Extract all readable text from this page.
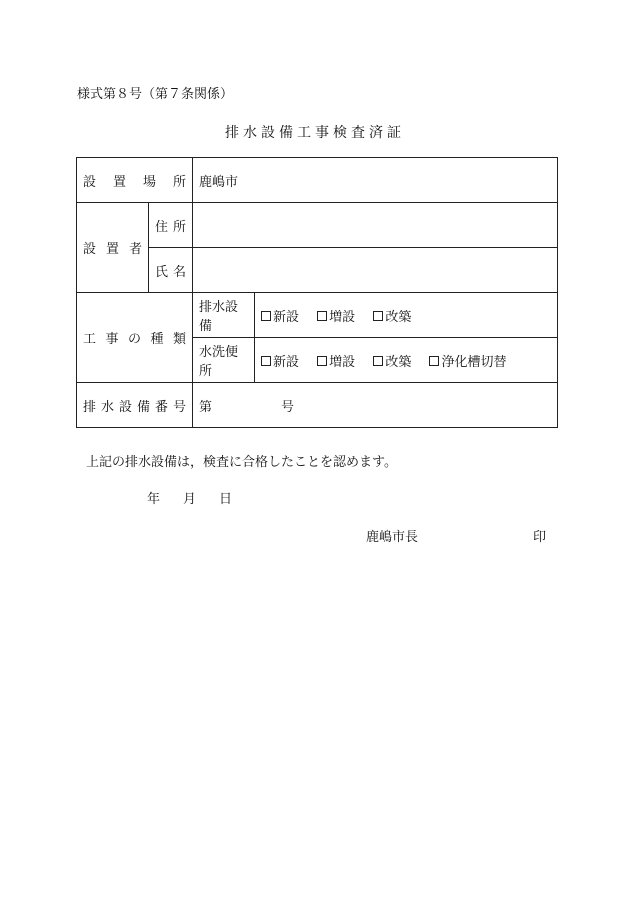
様式第８号（第７条関係）
排水設備工事検査済証
設置場所		鹿嶋市	
設置者	住所		
	氏名		
工事の種類		排水設備	新設 増設 改築
		水洗便所	新設 増設 改築 浄化槽切替
排水設備番号		第 号	
上記の排水設備は，検査に合格したことを認めます。
年 月 日
鹿嶋市長	印
